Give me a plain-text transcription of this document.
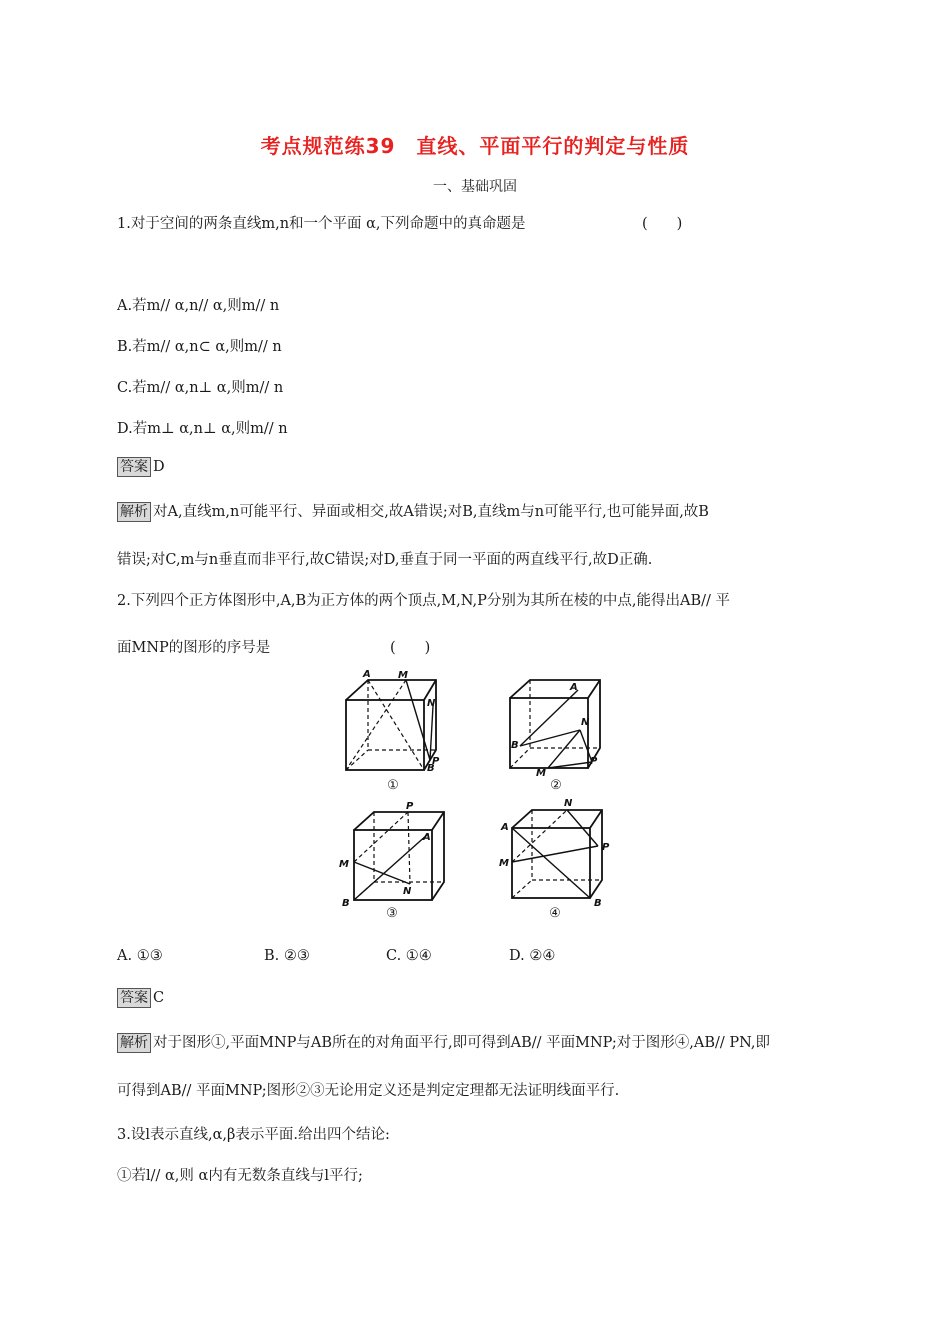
考点规范练39　直线、平面平行的判定与性质
一、基础巩固
1.对于空间的两条直线m,n和一个平面 α,下列命题中的真命题是	(　　)
A.若m// α,n// α,则m// n
B.若m// α,n⊂ α,则m// n
C.若m// α,n⊥ α,则m// n
D.若m⊥ α,n⊥ α,则m// n
答案 D
解析 对A,直线m,n可能平行、异面或相交,故A错误;对B,直线m与n可能平行,也可能异面,故B
错误;对C,m与n垂直而非平行,故C错误;对D,垂直于同一平面的两直线平行,故D正确.
2.下列四个正方体图形中,A,B为正方体的两个顶点,M,N,P分别为其所在棱的中点,能得出AB// 平
面MNP的图形的序号是	(　　)
A	M
N
B
P
①
A
N
B
M
P
②
P
A
M
N
B
③
N
A
M
P
B
④
A. ①③	B. ②③	C. ①④	D. ②④
答案 C
解析 对于图形①,平面MNP与AB所在的对角面平行,即可得到AB// 平面MNP;对于图形④,AB// PN,即
可得到AB// 平面MNP;图形②③无论用定义还是判定定理都无法证明线面平行.
3.设l表示直线,α,β表示平面.给出四个结论:
①若l// α,则 α内有无数条直线与l平行;
